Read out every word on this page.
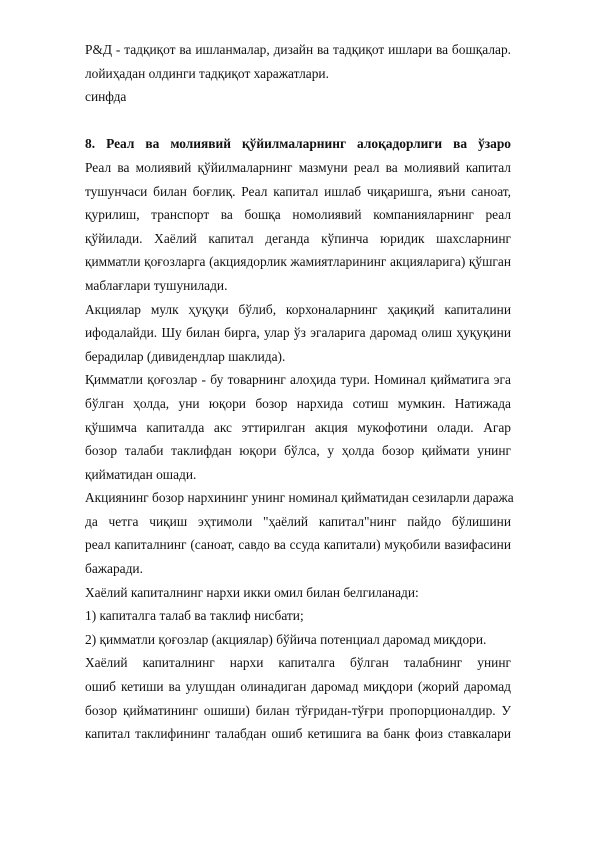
Р&Д - тадқиқот ва ишланмалар, дизайн ва тадқиқот ишлари ва бошқалар.
лойиҳадан олдинги тадқиқот харажатлари.
синфда
8. Реал ва молиявий қўйилмаларнинг алоқадорлиги ва ўзаро
Реал ва молиявий қўйилмаларнинг мазмуни реал ва молиявий капитал
тушунчаси билан боғлиқ. Реал капитал ишлаб чиқаришга, яъни саноат,
қурилиш, транспорт ва бошқа номолиявий компанияларнинг реал
қўйилади. Хаёлий капитал деганда кўпинча юридик шахсларнинг
қимматли қоғозларга (акциядорлик жамиятларининг акцияларига) қўшган
маблағлари тушунилади.
Акциялар мулк ҳуқуқи бўлиб, корхоналарнинг ҳақиқий капиталини
ифодалайди. Шу билан бирга, улар ўз эгаларига даромад олиш ҳуқуқини
берадилар (дивидендлар шаклида).
Қимматли қоғозлар - бу товарнинг алоҳида тури. Номинал қийматига эга
бўлган ҳолда, уни юқори бозор нархида сотиш мумкин. Натижада
қўшимча капиталда акс эттирилган акция мукофотини олади. Агар
бозор талаби таклифдан юқори бўлса, у ҳолда бозор қиймати унинг
қийматидан ошади.
Акциянинг бозор нархининг унинг номинал қийматидан сезиларли даража
да четга чиқиш эҳтимоли "ҳаёлий капитал"нинг пайдо бўлишини
реал капиталнинг (саноат, савдо ва ссуда капитали) муқобили вазифасини
бажаради.
Хаёлий капиталнинг нархи икки омил билан белгиланади:
1) капиталга талаб ва таклиф нисбати;
2) қимматли қоғозлар (акциялар) бўйича потенциал даромад миқдори.
Хаёлий капиталнинг нархи капиталга бўлган талабнинг унинг
ошиб кетиши ва улушдан олинадиган даромад миқдори (жорий даромад
бозор қийматининг ошиши) билан тўғридан-тўғри пропорционалдир. У
капитал таклифининг талабдан ошиб кетишига ва банк фоиз ставкалари
